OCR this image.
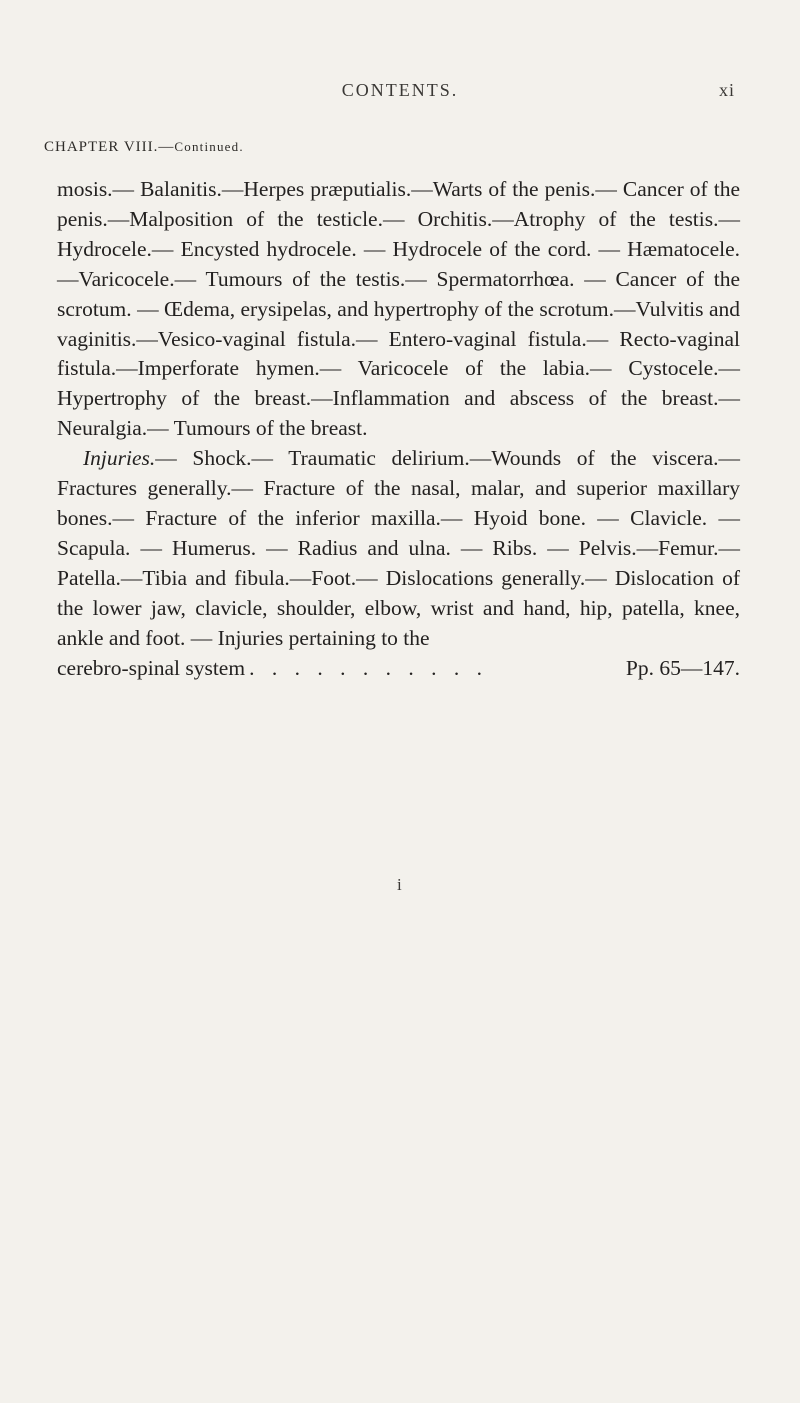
CONTENTS.	xi
CHAPTER VIII.—Continued.

mosis.— Balanitis.—Herpes præputialis.—Warts of the penis.— Cancer of the penis.—Malposition of the testicle.— Orchitis.—Atrophy of the testis.— Hydrocele.— Encysted hydrocele. — Hydrocele of the cord. — Hæmatocele.—Varicocele.— Tumours of the testis.— Spermatorrhœa. — Cancer of the scrotum. — Œdema, erysipelas, and hypertrophy of the scrotum.—Vulvitis and vaginitis.—Vesico-vaginal fistula.— Entero-vaginal fistula.— Recto-vaginal fistula.—Imperforate hymen.— Varicocele of the labia.— Cystocele.— Hypertrophy of the breast.—Inflammation and abscess of the breast.— Neuralgia.— Tumours of the breast.

Injuries.— Shock.— Traumatic delirium.—Wounds of the viscera.— Fractures generally.— Fracture of the nasal, malar, and superior maxillary bones.— Fracture of the inferior maxilla.— Hyoid bone. — Clavicle. — Scapula. — Humerus. — Radius and ulna. — Ribs. — Pelvis.—Femur.—Patella.—Tibia and fibula.—Foot.— Dislocations generally.— Dislocation of the lower jaw, clavicle, shoulder, elbow, wrist and hand, hip, patella, knee, ankle and foot. — Injuries pertaining to the

cerebro-spinal system . . . . . . . . . . .	Pp. 65—147.
i
